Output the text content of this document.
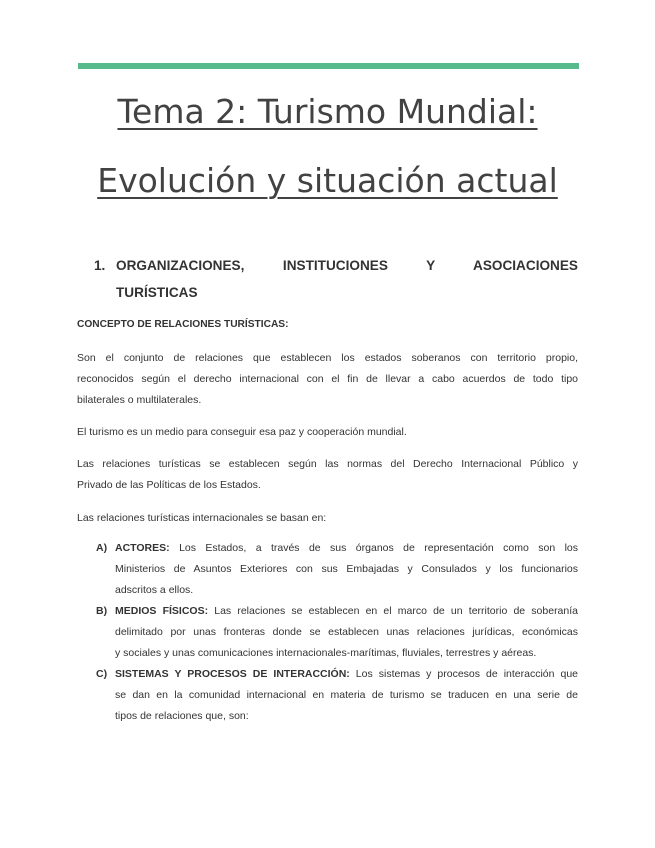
Tema 2: Turismo Mundial:
Evolución y situación actual
1. ORGANIZACIONES, INSTITUCIONES Y ASOCIACIONES
TURÍSTICAS
CONCEPTO DE RELACIONES TURÍSTICAS:
Son el conjunto de relaciones que establecen los estados soberanos con territorio propio,
reconocidos según el derecho internacional con el fin de llevar a cabo acuerdos de todo tipo
bilaterales o multilaterales.
El turismo es un medio para conseguir esa paz y cooperación mundial.
Las relaciones turísticas se establecen según las normas del Derecho Internacional Público y
Privado de las Políticas de los Estados.
Las relaciones turísticas internacionales se basan en:
A) ACTORES: Los Estados, a través de sus órganos de representación como son los
Ministerios de Asuntos Exteriores con sus Embajadas y Consulados y los funcionarios
adscritos a ellos.
B) MEDIOS FÍSICOS: Las relaciones se establecen en el marco de un territorio de soberanía
delimitado por unas fronteras donde se establecen unas relaciones jurídicas, económicas
y sociales y unas comunicaciones internacionales-marítimas, fluviales, terrestres y aéreas.
C) SISTEMAS Y PROCESOS DE INTERACCIÓN: Los sistemas y procesos de interacción que
se dan en la comunidad internacional en materia de turismo se traducen en una serie de
tipos de relaciones que, son:
